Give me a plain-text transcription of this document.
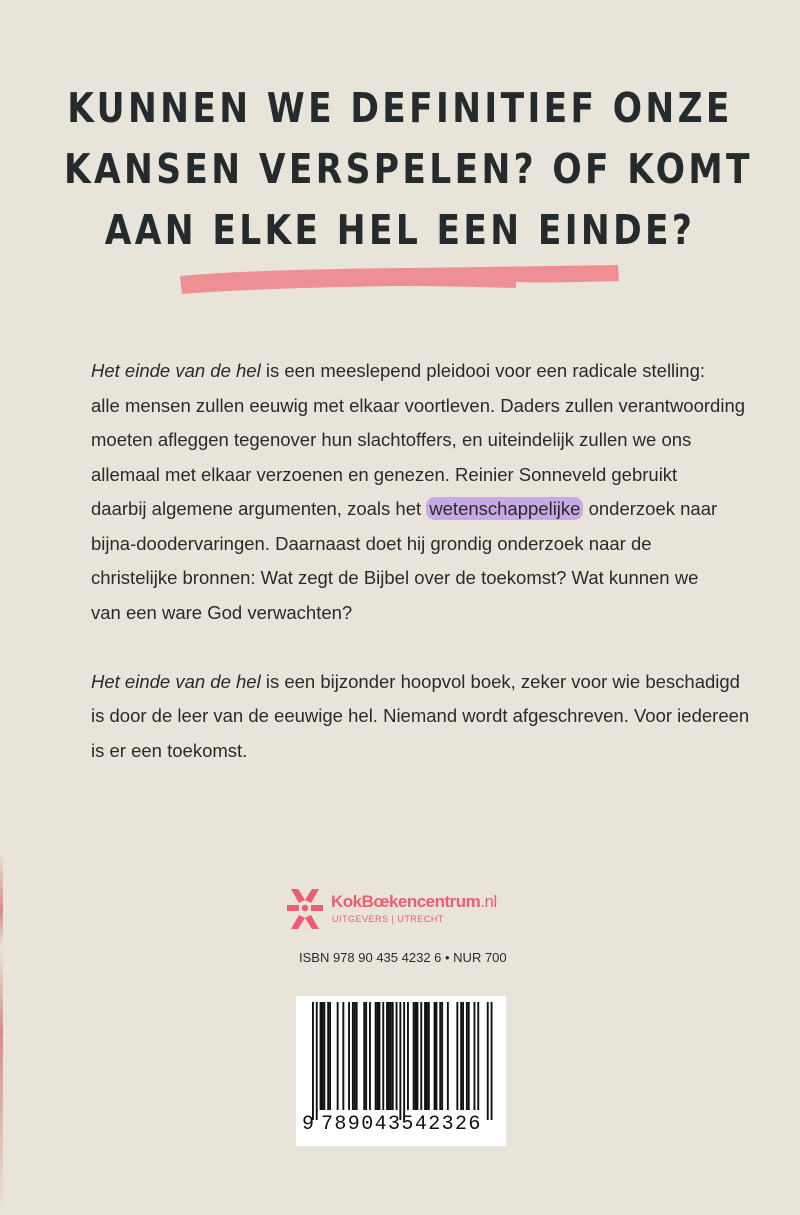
KUNNEN WE DEFINITIEF ONZE
KANSEN VERSPELEN? OF KOMT
AAN ELKE HEL EEN EINDE?

Het einde van de hel is een meeslepend pleidooi voor een radicale stelling:
alle mensen zullen eeuwig met elkaar voortleven. Daders zullen verantwoording
moeten afleggen tegenover hun slachtoffers, en uiteindelijk zullen we ons
allemaal met elkaar verzoenen en genezen. Reinier Sonneveld gebruikt
daarbij algemene argumenten, zoals het wetenschappelijke onderzoek naar
bijna-doodervaringen. Daarnaast doet hij grondig onderzoek naar de
christelijke bronnen: Wat zegt de Bijbel over de toekomst? Wat kunnen we
van een ware God verwachten?

Het einde van de hel is een bijzonder hoopvol boek, zeker voor wie beschadigd
is door de leer van de eeuwige hel. Niemand wordt afgeschreven. Voor iedereen
is er een toekomst.

KokBœkencentrum.nl
UITGEVERS | UTRECHT
ISBN 978 90 435 4232 6 • NUR 700
9 789043542326
